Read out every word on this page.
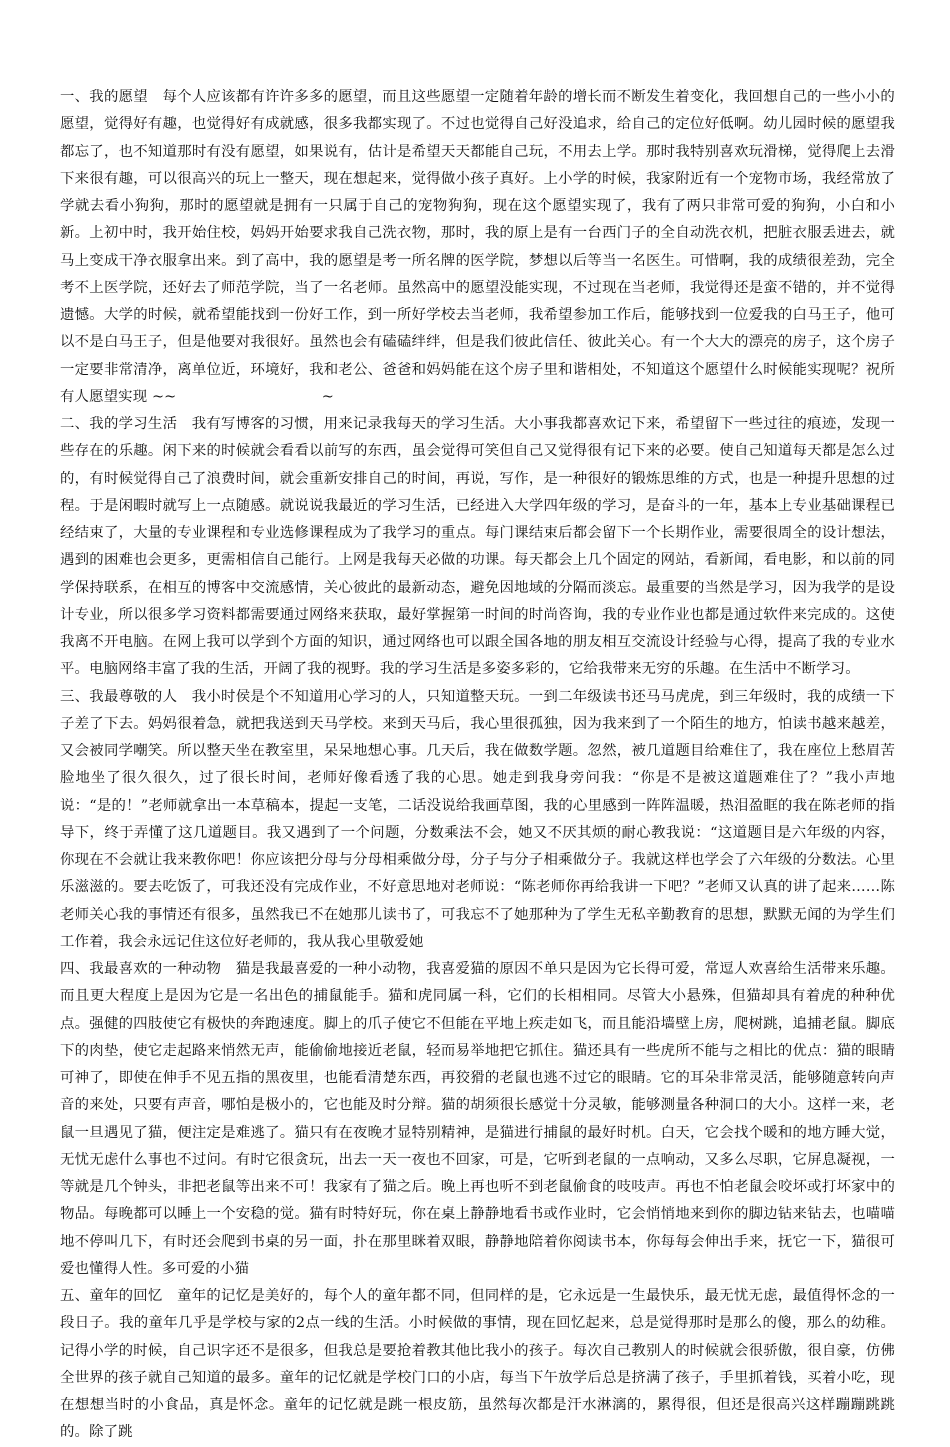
一、我的愿望 每个人应该都有许许多多的愿望，而且这些愿望一定随着年龄的增长而不断发生着变化，我回想自己的一些小小的愿望，觉得好有趣，也觉得好有成就感，很多我都实现了。不过也觉得自己好没追求，给自己的定位好低啊。幼儿园时候的愿望我都忘了，也不知道那时有没有愿望，如果说有，估计是希望天天都能自己玩，不用去上学。那时我特别喜欢玩滑梯，觉得爬上去滑下来很有趣，可以很高兴的玩上一整天，现在想起来，觉得做小孩子真好。上小学的时候，我家附近有一个宠物市场，我经常放了学就去看小狗狗，那时的愿望就是拥有一只属于自己的宠物狗狗，现在这个愿望实现了，我有了两只非常可爱的狗狗，小白和小新。上初中时，我开始住校，妈妈开始要求我自己洗衣物，那时，我的原上是有一台西门子的全自动洗衣机，把脏衣服丢进去，就马上变成干净衣服拿出来。到了高中，我的愿望是考一所名牌的医学院，梦想以后等当一名医生。可惜啊，我的成绩很差劲，完全考不上医学院，还好去了师范学院，当了一名老师。虽然高中的愿望没能实现，不过现在当老师，我觉得还是蛮不错的，并不觉得遗憾。大学的时候，就希望能找到一份好工作，到一所好学校去当老师，我希望参加工作后，能够找到一位爱我的白马王子，他可以不是白马王子，但是他要对我很好。虽然也会有磕磕绊绊，但是我们彼此信任、彼此关心。有一个大大的漂亮的房子，这个房子一定要非常清净，离单位近，环境好，我和老公、爸爸和妈妈能在这个房子里和谐相处，不知道这个愿望什么时候能实现呢？祝所有人愿望实现 ~~　　　　　　　　　　~

二、我的学习生活 我有写博客的习惯，用来记录我每天的学习生活。大小事我都喜欢记下来，希望留下一些过往的痕迹，发现一些存在的乐趣。闲下来的时候就会看看以前写的东西，虽会觉得可笑但自己又觉得很有记下来的必要。使自己知道每天都是怎么过的，有时候觉得自己了浪费时间，就会重新安排自己的时间，再说，写作，是一种很好的锻炼思维的方式，也是一种提升思想的过程。于是闲暇时就写上一点随感。就说说我最近的学习生活，已经进入大学四年级的学习，是奋斗的一年，基本上专业基础课程已经结束了，大量的专业课程和专业选修课程成为了我学习的重点。每门课结束后都会留下一个长期作业，需要很周全的设计想法，遇到的困难也会更多，更需相信自己能行。上网是我每天必做的功课。每天都会上几个固定的网站，看新闻，看电影，和以前的同学保持联系，在相互的博客中交流感情，关心彼此的最新动态，避免因地域的分隔而淡忘。最重要的当然是学习，因为我学的是设计专业，所以很多学习资料都需要通过网络来获取，最好掌握第一时间的时尚咨询，我的专业作业也都是通过软件来完成的。这使我离不开电脑。在网上我可以学到个方面的知识，通过网络也可以跟全国各地的朋友相互交流设计经验与心得，提高了我的专业水平。电脑网络丰富了我的生活，开阔了我的视野。我的学习生活是多姿多彩的，它给我带来无穷的乐趣。在生活中不断学习。

三、我最尊敬的人 我小时侯是个不知道用心学习的人，只知道整天玩。一到二年级读书还马马虎虎，到三年级时，我的成绩一下子差了下去。妈妈很着急，就把我送到天马学校。来到天马后，我心里很孤独，因为我来到了一个陌生的地方，怕读书越来越差，又会被同学嘲笑。所以整天坐在教室里，呆呆地想心事。几天后，我在做数学题。忽然，被几道题目给难住了，我在座位上愁眉苦脸地坐了很久很久，过了很长时间，老师好像看透了我的心思。她走到我身旁问我：“你是不是被这道题难住了？”我小声地说：“是的！”老师就拿出一本草稿本，提起一支笔，二话没说给我画草图，我的心里感到一阵阵温暖，热泪盈眶的我在陈老师的指导下，终于弄懂了这几道题目。我又遇到了一个问题，分数乘法不会，她又不厌其烦的耐心教我说：“这道题目是六年级的内容，你现在不会就让我来教你吧！你应该把分母与分母相乘做分母，分子与分子相乘做分子。我就这样也学会了六年级的分数法。心里乐滋滋的。要去吃饭了，可我还没有完成作业，不好意思地对老师说：“陈老师你再给我讲一下吧？”老师又认真的讲了起来……陈老师关心我的事情还有很多，虽然我已不在她那儿读书了，可我忘不了她那种为了学生无私辛勤教育的思想，默默无闻的为学生们工作着，我会永远记住这位好老师的，我从我心里敬爱她

四、我最喜欢的一种动物 猫是我最喜爱的一种小动物，我喜爱猫的原因不单只是因为它长得可爱，常逗人欢喜给生活带来乐趣。而且更大程度上是因为它是一名出色的捕鼠能手。猫和虎同属一科，它们的长相相同。尽管大小悬殊，但猫却具有着虎的种种优点。强健的四肢使它有极快的奔跑速度。脚上的爪子使它不但能在平地上疾走如飞，而且能沿墙壁上房，爬树跳，追捕老鼠。脚底下的肉垫，使它走起路来悄然无声，能偷偷地接近老鼠，轻而易举地把它抓住。猫还具有一些虎所不能与之相比的优点：猫的眼睛可神了，即使在伸手不见五指的黑夜里，也能看清楚东西，再狡猾的老鼠也逃不过它的眼睛。它的耳朵非常灵活，能够随意转向声音的来处，只要有声音，哪怕是极小的，它也能及时分辩。猫的胡须很长感觉十分灵敏，能够测量各种洞口的大小。这样一来，老鼠一旦遇见了猫，便注定是难逃了。猫只有在夜晚才显特别精神，是猫进行捕鼠的最好时机。白天，它会找个暖和的地方睡大觉，无忧无虑什么事也不过问。有时它很贪玩，出去一天一夜也不回家，可是，它听到老鼠的一点响动，又多么尽职，它屏息凝视，一等就是几个钟头，非把老鼠等出来不可！我家有了猫之后。晚上再也听不到老鼠偷食的吱吱声。再也不怕老鼠会咬坏或打坏家中的物品。每晚都可以睡上一个安稳的觉。猫有时特好玩，你在桌上静静地看书或作业时，它会悄悄地来到你的脚边钻来钻去，也喵喵地不停叫几下，有时还会爬到书桌的另一面，扑在那里眯着双眼，静静地陪着你阅读书本，你每每会伸出手来，抚它一下，猫很可爱也懂得人性。多可爱的小猫

五、童年的回忆 童年的记忆是美好的，每个人的童年都不同，但同样的是，它永远是一生最快乐，最无忧无虑，最值得怀念的一段日子。我的童年几乎是学校与家的2点一线的生活。小时候做的事情，现在回忆起来，总是觉得那时是那么的傻，那么的幼稚。记得小学的时候，自己识字还不是很多，但我总是要抢着教其他比我小的孩子。每次自己教别人的时候就会很骄傲，很自豪，仿佛全世界的孩子就自己知道的最多。童年的记忆就是学校门口的小店，每当下午放学后总是挤满了孩子，手里抓着钱，买着小吃，现在想想当时的小食品，真是怀念。童年的记忆就是跳一根皮筋，虽然每次都是汗水淋漓的，累得很，但还是很高兴这样蹦蹦跳跳的。除了跳
